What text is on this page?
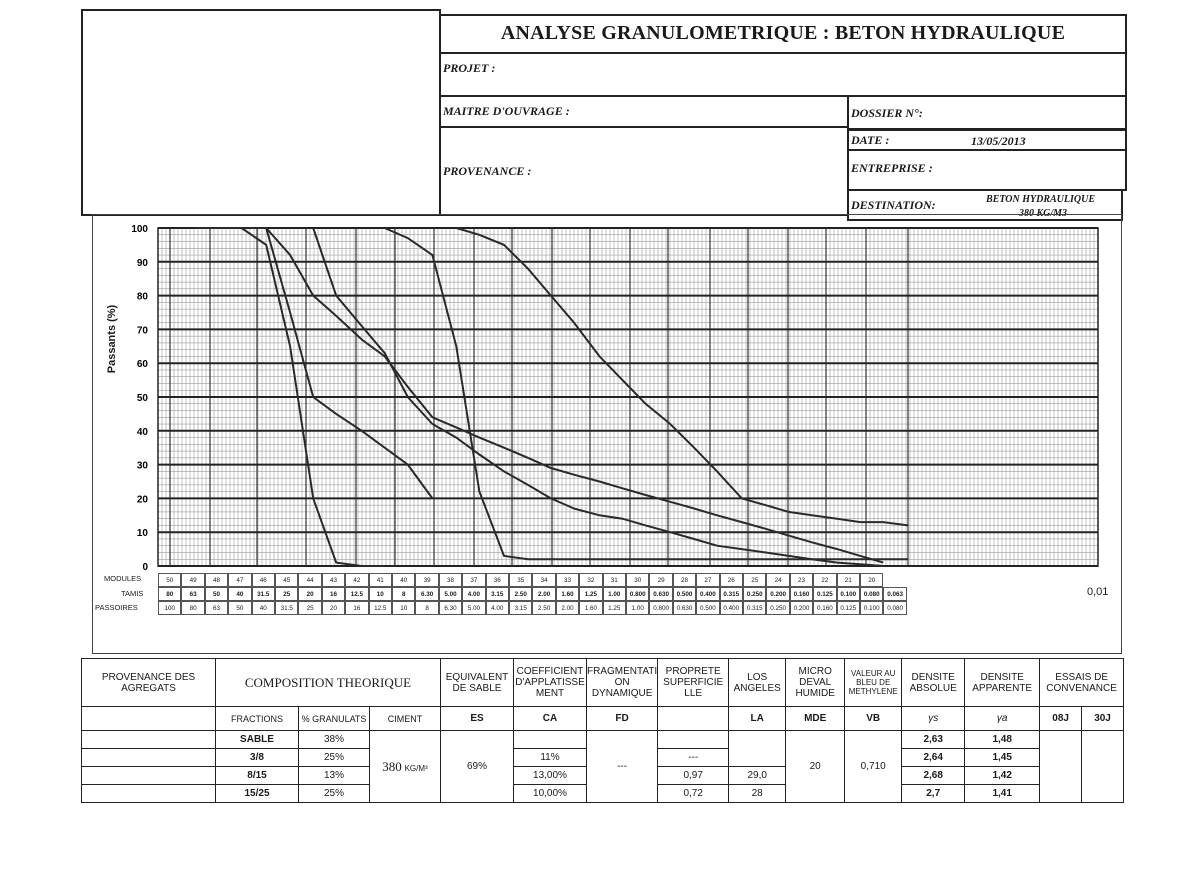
ANALYSE GRANULOMETRIQUE : BETON HYDRAULIQUE
PROJET :
MAITRE D'OUVRAGE :	DOSSIER N°:
PROVENANCE :
DATE :	13/05/2013
ENTREPRISE :
DESTINATION:	BETON HYDRAULIQUE
380 KG/M3
Passants (%)
0,01
100
90
80
70
60
50
40
30
20
10
0
MODULES
TAMIS
PASSOIRES
50	49	48	47	46	45	44	43	42	41	40	39	38	37	36	35	34	33	32	31	30	29	28	27	26	25	24	23	22	21	20
80	63	50	40	31.5	25	20	16	12.5	10	8	6.30	5.00	4.00	3.15	2.50	2.00	1.60	1.25	1.00	0.800	0.630	0.500	0.400	0.315	0.250	0.200	0.160	0.125	0.100	0.080	0.063
100	80	63	50	40	31.5	25	20	16	12.5	10	8	6.30	5.00	4.00	3.15	2.50	2.00	1.60	1.25	1.00	0.800	0.630	0.500	0.400	0.315	0.250	0.200	0.160	0.125	0.100	0.080
PROVENANCE DES AGREGATS	COMPOSITION THEORIQUE			EQUIVALENT DE SABLE	COEFFICIENT D'APPLATISSE MENT	FRAGMENTATI ON DYNAMIQUE	PROPRETE SUPERFICIE LLE	LOS ANGELES	MICRO DEVAL HUMIDE	VALEUR AU BLEU DE METHYLENE	DENSITE ABSOLUE	DENSITE APPARENTE	ESSAIS DE CONVENANCE	
	FRACTIONS	% GRANULATS	CIMENT	ES	CA	FD		LA	MDE	VB	γs	γa	08J	30J
	SABLE	38%	380 KG/M³	69%		---			20	0,710	2,63	1,48		
	3/8	25%			11%		---				2,64	1,45		
	8/15	13%			13,00%		0,97	29,0			2,68	1,42		
	15/25	25%			10,00%		0,72	28			2,7	1,41		
